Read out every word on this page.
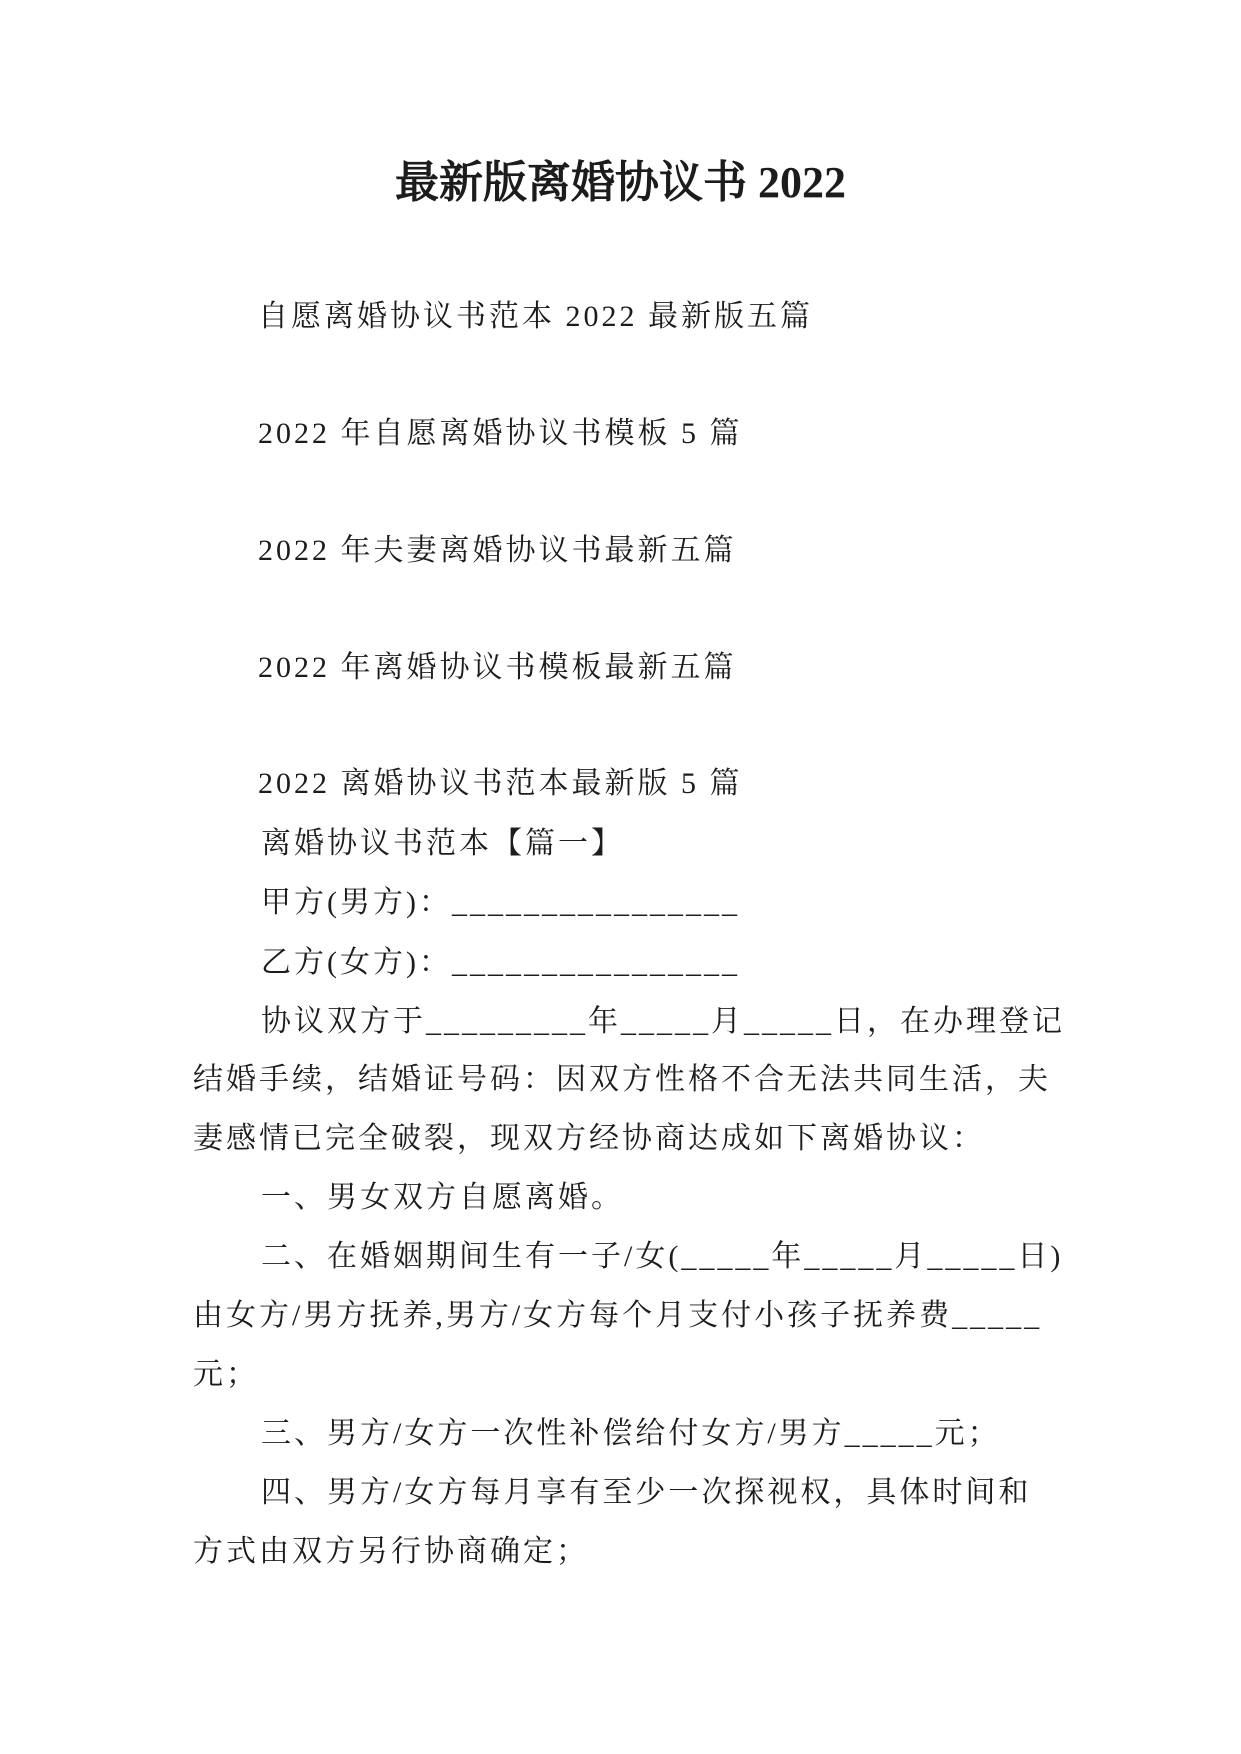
最新版离婚协议书 2022
自愿离婚协议书范本 2022 最新版五篇
2022 年自愿离婚协议书模板 5 篇
2022 年夫妻离婚协议书最新五篇
2022 年离婚协议书模板最新五篇
2022 离婚协议书范本最新版 5 篇
离婚协议书范本【篇一】
甲方(男方)：________________
乙方(女方)：________________
协议双方于_________年_____月_____日，在办理登记
结婚手续，结婚证号码：因双方性格不合无法共同生活，夫
妻感情已完全破裂，现双方经协商达成如下离婚协议：
一、男女双方自愿离婚。
二、在婚姻期间生有一子/女(_____年_____月_____日)
由女方/男方抚养,男方/女方每个月支付小孩子抚养费_____
元；
三、男方/女方一次性补偿给付女方/男方_____元；
四、男方/女方每月享有至少一次探视权，具体时间和
方式由双方另行协商确定；
